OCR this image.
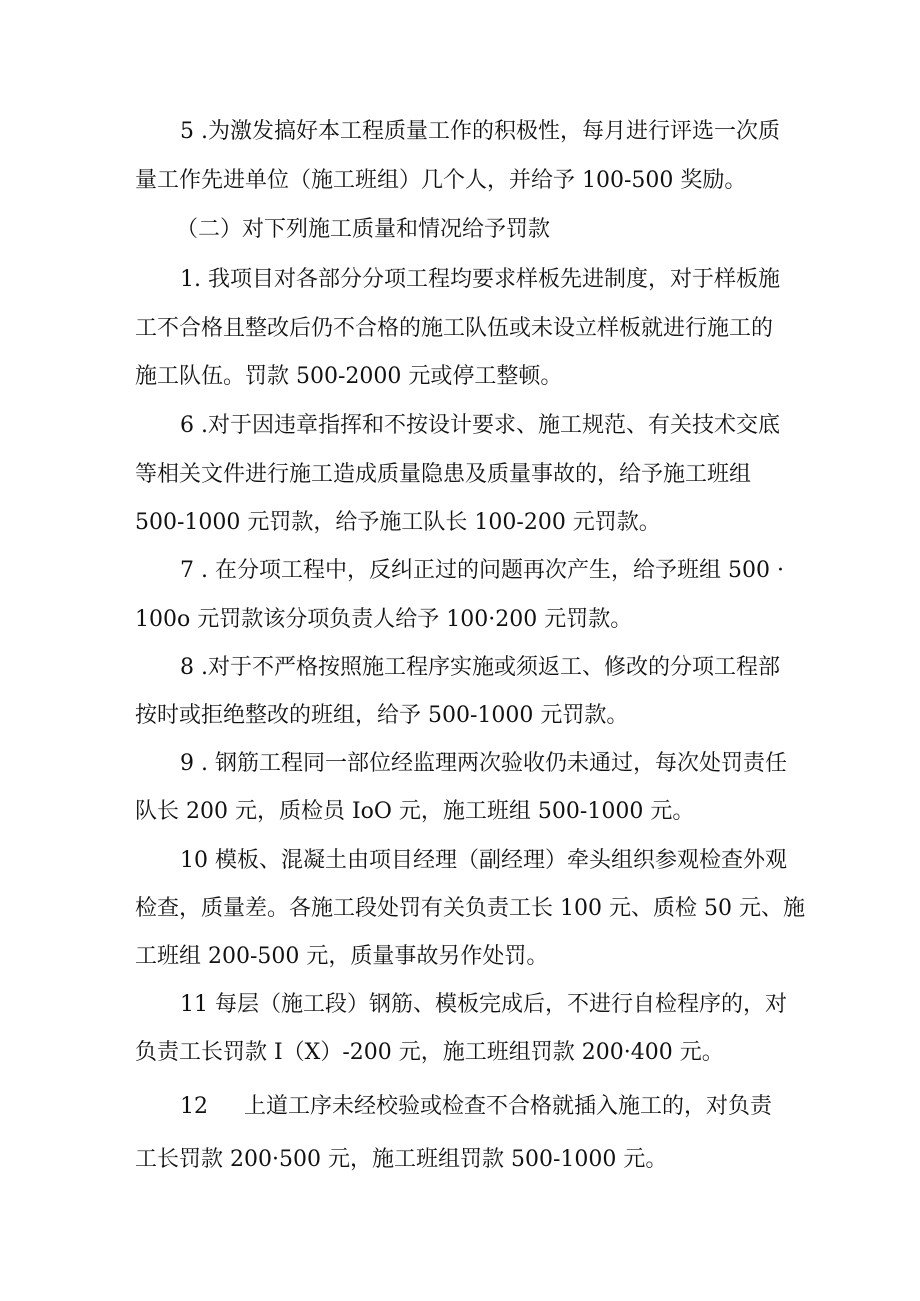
5 .为激发搞好本工程质量工作的积极性，每月进行评选一次质
量工作先进单位（施工班组）几个人，并给予 100-500 奖励。
（二）对下列施工质量和情况给予罚款
1. 我项目对各部分分项工程均要求样板先进制度，对于样板施
工不合格且整改后仍不合格的施工队伍或未设立样板就进行施工的
施工队伍。罚款 500-2000 元或停工整顿。
6 .对于因违章指挥和不按设计要求、施工规范、有关技术交底
等相关文件进行施工造成质量隐患及质量事故的，给予施工班组
500-1000 元罚款，给予施工队长 100-200 元罚款。
7 . 在分项工程中，反纠正过的问题再次产生，给予班组 500 ·
100o 元罚款该分项负责人给予 100·200 元罚款。
8 .对于不严格按照施工程序实施或须返工、修改的分项工程部
按时或拒绝整改的班组，给予 500-1000 元罚款。
9 . 钢筋工程同一部位经监理两次验收仍未通过，每次处罚责任
队长 200 元，质检员 IoO 元，施工班组 500-1000 元。
10 模板、混凝土由项目经理（副经理）牵头组织参观检查外观
检查，质量差。各施工段处罚有关负责工长 100 元、质检 50 元、施
工班组 200-500 元，质量事故另作处罚。
11 每层（施工段）钢筋、模板完成后，不进行自检程序的，对
负责工长罚款 I（X）-200 元，施工班组罚款 200·400 元。
12 上道工序未经校验或检查不合格就插入施工的，对负责
工长罚款 200·500 元，施工班组罚款 500-1000 元。
